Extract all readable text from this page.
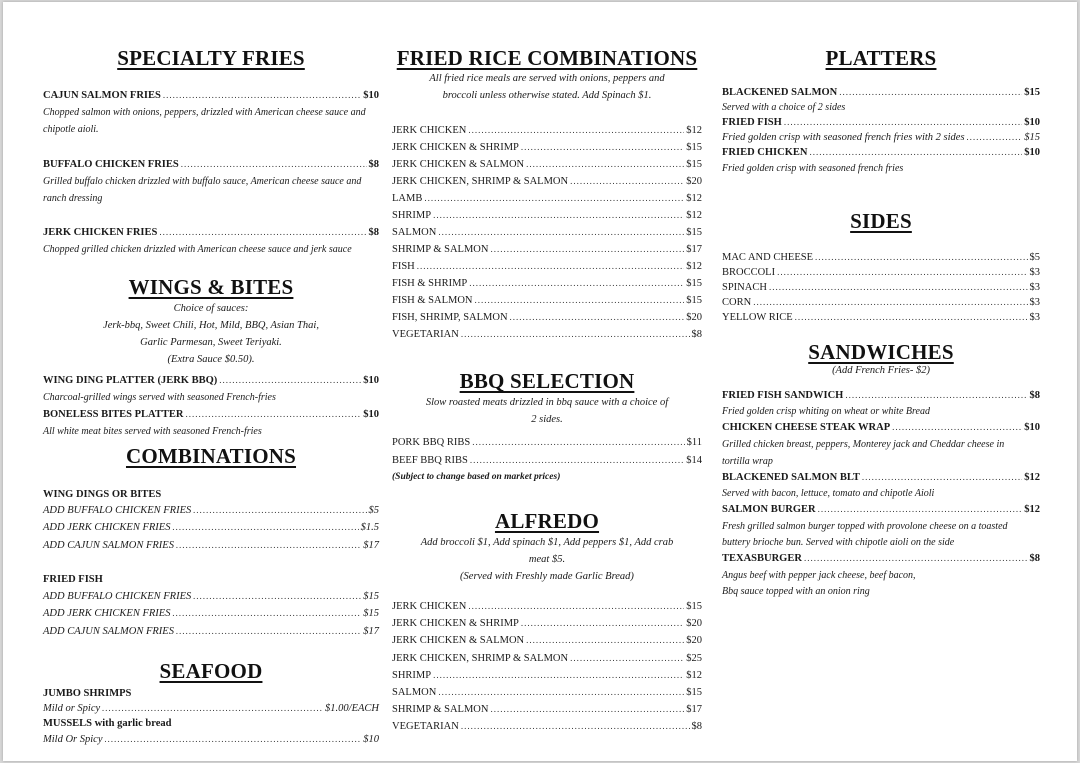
SPECIALTY FRIES
CAJUN SALMON FRIES .....	$10
Chopped salmon with onions, peppers, drizzled with American cheese sauce and chipotle aioli.
BUFFALO CHICKEN FRIES .....	$8
Grilled buffalo chicken drizzled with buffalo sauce, American cheese sauce and ranch dressing
JERK CHICKEN FRIES .....	$8
Chopped grilled chicken drizzled with American cheese sauce and jerk sauce
WINGS & BITES
Choice of sauces:
Jerk-bbq, Sweet Chili, Hot, Mild, BBQ, Asian Thai,
Garlic Parmesan, Sweet Teriyaki.
(Extra Sauce $0.50).
WING DING PLATTER (JERK BBQ) .....	$10
Charcoal-grilled wings served with seasoned French-fries
BONELESS BITES PLATTER .....	$10
All white meat bites served with seasoned French-fries
COMBINATIONS
WING DINGS OR BITES
ADD BUFFALO CHICKEN FRIES .....	$5
ADD JERK CHICKEN FRIES .....	$1.5
ADD CAJUN SALMON FRIES .....	$17
FRIED FISH
ADD BUFFALO CHICKEN FRIES .....	$15
ADD JERK CHICKEN FRIES .....	$15
ADD CAJUN SALMON FRIES .....	$17
SEAFOOD
JUMBO SHRIMPS
Mild or Spicy .....	$1.00/EACH
MUSSELS with garlic bread
Mild Or Spicy .....	$10
FRIED RICE COMBINATIONS
All fried rice meals are served with onions, peppers and
broccoli unless otherwise stated. Add Spinach $1.
JERK CHICKEN .....	$12
JERK CHICKEN & SHRIMP .....	$15
JERK CHICKEN & SALMON .....	$15
JERK CHICKEN, SHRIMP & SALMON .....	$20
LAMB .....	$12
SHRIMP .....	$12
SALMON .....	$15
SHRIMP & SALMON .....	$17
FISH .....	$12
FISH & SHRIMP .....	$15
FISH & SALMON .....	$15
FISH, SHRIMP, SALMON .....	$20
VEGETARIAN .....	$8
BBQ SELECTION
Slow roasted meats drizzled in bbq sauce with a choice of
2 sides.
PORK BBQ RIBS .....	$11
BEEF BBQ RIBS .....	$14
(Subject to change based on market prices)
ALFREDO
Add broccoli $1, Add spinach $1, Add peppers $1, Add crab
meat $5.
(Served with Freshly made Garlic Bread)
JERK CHICKEN .....	$15
JERK CHICKEN & SHRIMP .....	$20
JERK CHICKEN & SALMON .....	$20
JERK CHICKEN, SHRIMP & SALMON .....	$25
SHRIMP .....	$12
SALMON .....	$15
SHRIMP & SALMON .....	$17
VEGETARIAN .....	$8
PLATTERS
BLACKENED SALMON .....	$15
Served with a choice of 2 sides
FRIED FISH .....	$10
Fried golden crisp with seasoned french fries with 2 sides .....	$15
FRIED CHICKEN .....	$10
Fried golden crisp with seasoned french fries
SIDES
MAC AND CHEESE .....	$5
BROCCOLI .....	$3
SPINACH .....	$3
CORN .....	$3
YELLOW RICE .....	$3
SANDWICHES
(Add French Fries- $2)
FRIED FISH SANDWICH .....	$8
Fried golden crisp whiting on wheat or white Bread
CHICKEN CHEESE STEAK WRAP .....	$10
Grilled chicken breast, peppers, Monterey jack and Cheddar cheese in
tortilla wrap
BLACKENED SALMON BLT .....	$12
Served with bacon, lettuce, tomato and chipotle Aioli
SALMON BURGER .....	$12
Fresh grilled salmon burger topped with provolone cheese on a toasted
buttery brioche bun. Served with chipotle aioli on the side
TEXASBURGER .....	$8
Angus beef with pepper jack cheese, beef bacon,
Bbq sauce topped with an onion ring
